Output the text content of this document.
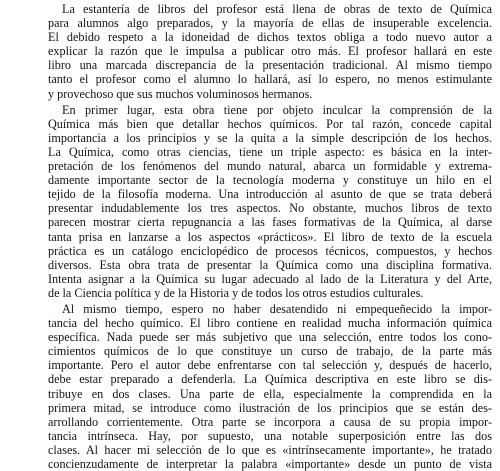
La estantería de libros del profesor está llena de obras de texto de Química
para alumnos algo preparados, y la mayoría de ellas de insuperable excelencia.
El debido respeto a la idoneidad de dichos textos obliga a todo nuevo autor a
explicar la razón que le impulsa a publicar otro más. El profesor hallará en este
libro una marcada discrepancia de la presentación tradicional. Al mismo tiempo
tanto el profesor como el alumno lo hallará, así lo espero, no menos estimulante
y provechoso que sus muchos voluminosos hermanos.
En primer lugar, esta obra tiene por objeto inculcar la comprensión de la
Química más bien que detallar hechos químicos. Por tal razón, concede capital
importancia a los principios y se la quita a la simple descripción de los hechos.
La Química, como otras ciencias, tiene un triple aspecto: es básica en la inter-
pretación de los fenómenos del mundo natural, abarca un formidable y extrema-
damente importante sector de la tecnología moderna y constituye un hilo en el
tejido de la filosofía moderna. Una introducción al asunto de que se trata deberá
presentar indudablemente los tres aspectos. No obstante, muchos libros de texto
parecen mostrar cierta repugnancia a las fases formativas de la Química, al darse
tanta prisa en lanzarse a los aspectos «prácticos». El libro de texto de la escuela
práctica es un catálogo enciclopédico de procesos técnicos, compuestos, y hechos
diversos. Esta obra trata de presentar la Química como una disciplina formativa.
Intenta asignar a la Química su lugar adecuado al lado de la Literatura y del Arte,
de la Ciencia política y de la Historia y de todos los otros estudios culturales.
Al mismo tiempo, espero no haber desatendido ni empequeñecido la impor-
tancia del hecho químico. El libro contiene en realidad mucha información química
específica. Nada puede ser más subjetivo que una selección, entre todos los cono-
cimientos químicos de lo que constituye un curso de trabajo, de la parte más
importante. Pero el autor debe enfrentarse con tal selección y, después de hacerlo,
debe estar preparado a defenderla. La Química descriptiva en este libro se dis-
tribuye en dos clases. Una parte de ella, especialmente la comprendida en la
primera mitad, se introduce como ilustración de los principios que se están des-
arrollando corrientemente. Otra parte se incorpora a causa de su propia impor-
tancia intrínseca. Hay, por supuesto, una notable superposición entre las dos
clases. Al hacer mi selección de lo que es «intrínsecamente importante», he tratado
concienzudamente de interpretar la palabra «importante» desde un punto de vista
